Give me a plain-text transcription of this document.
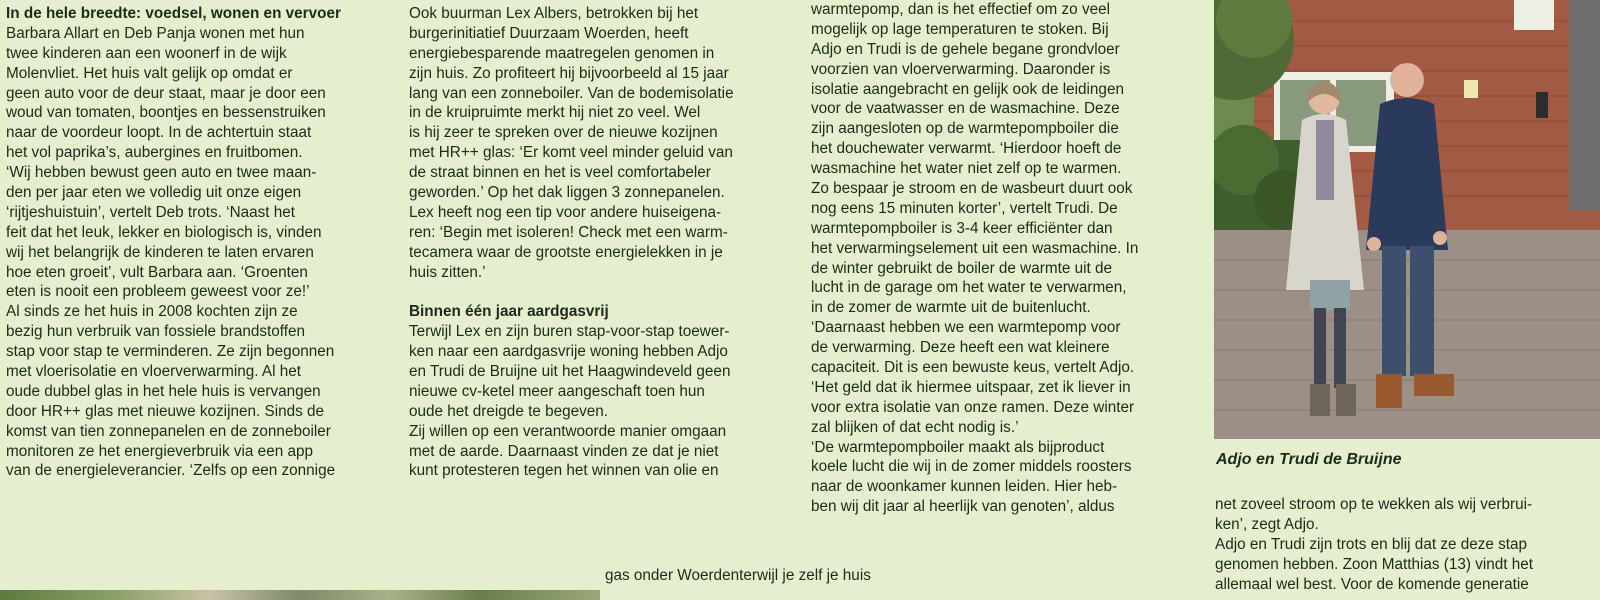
In de hele breedte: voedsel, wonen en vervoer
Barbara Allart en Deb Panja wonen met hun
twee kinderen aan een woonerf in de wijk
Molenvliet. Het huis valt gelijk op omdat er
geen auto voor de deur staat, maar je door een
woud van tomaten, boontjes en bessenstruiken
naar de voordeur loopt. In de achtertuin staat
het vol paprika’s, aubergines en fruitbomen.
‘Wij hebben bewust geen auto en twee maan-
den per jaar eten we volledig uit onze eigen
‘rijtjeshuistuin’, vertelt Deb trots. ‘Naast het
feit dat het leuk, lekker en biologisch is, vinden
wij het belangrijk de kinderen te laten ervaren
hoe eten groeit’, vult Barbara aan. ‘Groenten
eten is nooit een probleem geweest voor ze!’
Al sinds ze het huis in 2008 kochten zijn ze
bezig hun verbruik van fossiele brandstoffen
stap voor stap te verminderen. Ze zijn begonnen
met vloerisolatie en vloerverwarming. Al het
oude dubbel glas in het hele huis is vervangen
door HR++ glas met nieuwe kozijnen. Sinds de
komst van tien zonnepanelen en de zonneboiler
monitoren ze het energieverbruik via een app
van de energieleverancier. ‘Zelfs op een zonnige
Ook buurman Lex Albers, betrokken bij het
burgerinitiatief Duurzaam Woerden, heeft
energiebesparende maatregelen genomen in
zijn huis. Zo profiteert hij bijvoorbeeld al 15 jaar
lang van een zonneboiler. Van de bodemisolatie
in de kruipruimte merkt hij niet zo veel. Wel
is hij zeer te spreken over de nieuwe kozijnen
met HR++ glas: ‘Er komt veel minder geluid van
de straat binnen en het is veel comfortabeler
geworden.’ Op het dak liggen 3 zonnepanelen.
Lex heeft nog een tip voor andere huiseigena-
ren: ‘Begin met isoleren! Check met een warm-
tecamera waar de grootste energielekken in je
huis zitten.’
Binnen één jaar aardgasvrij
Terwijl Lex en zijn buren stap-voor-stap toewer-
ken naar een aardgasvrije woning hebben Adjo
en Trudi de Bruijne uit het Haagwindeveld geen
nieuwe cv-ketel meer aangeschaft toen hun
oude het dreigde te begeven.
Zij willen op een verantwoorde manier omgaan
met de aarde. Daarnaast vinden ze dat je niet
kunt protesteren tegen het winnen van olie en
gas onder Woerdenterwijl je zelf je huis
warmtepomp, dan is het effectief om zo veel
mogelijk op lage temperaturen te stoken. Bij
Adjo en Trudi is de gehele begane grondvloer
voorzien van vloerverwarming. Daaronder is
isolatie aangebracht en gelijk ook de leidingen
voor de vaatwasser en de wasmachine. Deze
zijn aangesloten op de warmtepompboiler die
het douchewater verwarmt. ‘Hierdoor hoeft de
wasmachine het water niet zelf op te warmen.
Zo bespaar je stroom en de wasbeurt duurt ook
nog eens 15 minuten korter’, vertelt Trudi. De
warmtepompboiler is 3-4 keer efficiënter dan
het verwarmingselement uit een wasmachine. In
de winter gebruikt de boiler de warmte uit de
lucht in de garage om het water te verwarmen,
in de zomer de warmte uit de buitenlucht.
‘Daarnaast hebben we een warmtepomp voor
de verwarming. Deze heeft een wat kleinere
capaciteit. Dit is een bewuste keus, vertelt Adjo.
‘Het geld dat ik hiermee uitspaar, zet ik liever in
voor extra isolatie van onze ramen. Deze winter
zal blijken of dat echt nodig is.’
‘De warmtepompboiler maakt als bijproduct
koele lucht die wij in de zomer middels roosters
naar de woonkamer kunnen leiden. Hier heb-
ben wij dit jaar al heerlijk van genoten’, aldus
Adjo en Trudi de Bruijne
net zoveel stroom op te wekken als wij verbrui-
ken’, zegt Adjo.
Adjo en Trudi zijn trots en blij dat ze deze stap
genomen hebben. Zoon Matthias (13) vindt het
allemaal wel best. Voor de komende generatie
